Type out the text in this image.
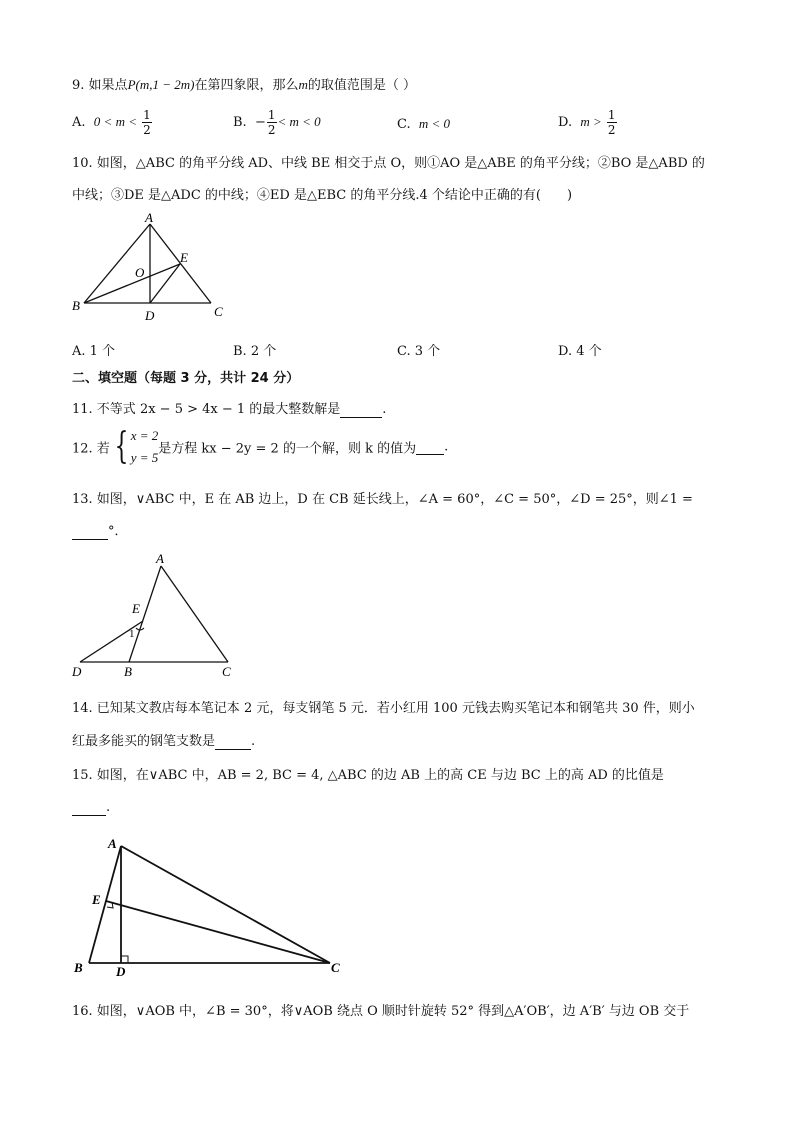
9. 如果点P(m,1 − 2m)在第四象限，那么m的取值范围是（ ）
A. $0 < m < \frac{1}{2}$	B. − $\frac{1}{2} < m < 0$	C. m < 0	D. $m > \frac{1}{2}$
10. 如图，△ABC 的角平分线 AD、中线 BE 相交于点 O，则①AO 是△ABE 的角平分线；②BO 是△ABD 的
中线；③DE 是△ADC 的中线；④ED 是△EBC 的角平分线.4 个结论中正确的有(　　)
A
E
O
B
D	C
A. 1 个	B. 2 个	C. 3 个	D. 4 个
二、填空题（每题 3 分，共计 24 分）
11. 不等式 2x − 5 > 4x − 1 的最大整数解是	.
12. 若 { x = 2
y = 5
是方程 kx − 2y = 2 的一个解，则 k 的值为 .
13. 如图，∨ABC 中，E 在 AB 边上，D 在 CB 延长线上，∠A = 60°，∠C = 50°，∠D = 25°，则∠1 =
°．
A
E
1
D	B	C
14. 已知某文教店每本笔记本 2 元，每支钢笔 5 元．若小红用 100 元钱去购买笔记本和钢笔共 30 件，则小
红最多能买的钢笔支数是	.
15. 如图，在∨ABC 中，AB = 2, BC = 4, △ABC 的边 AB 上的高 CE 与边 BC 上的高 AD 的比值是
.
A
E
B	D	C
16. 如图，∨AOB 中，∠B = 30°，将∨AOB 绕点 O 顺时针旋转 52° 得到△A′OB′，边 A′B′ 与边 OB 交于
